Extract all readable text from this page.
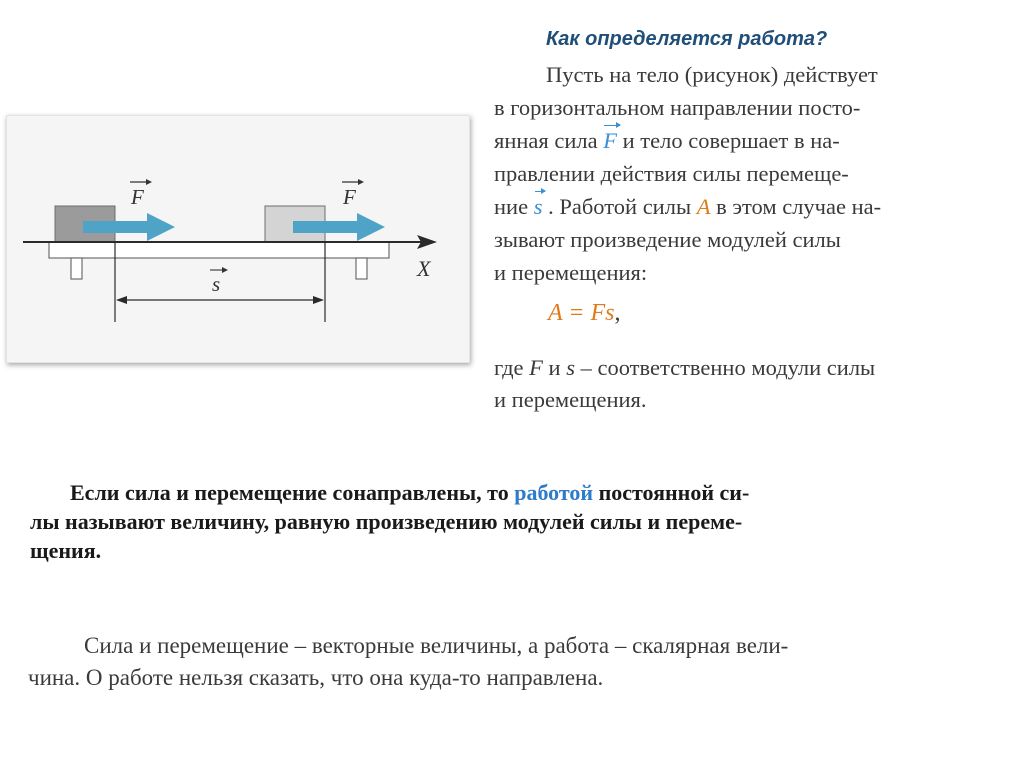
Как определяется работа?
Пусть на тело (рисунок) действует
в горизонтальном направлении посто-
янная сила F и тело совершает в на-
правлении действия силы перемеще-
ние s . Работой силы A в этом случае на-
зывают произведение модулей силы
и перемещения:
A = Fs,
где F и s – соответственно модули силы
и перемещения.
X
F	F
s
Если сила и перемещение сонаправлены, то работой постоянной си-
лы называют величину, равную произведению модулей силы и переме-
щения.
Сила и перемещение – векторные величины, а работа – скалярная вели-
чина. О работе нельзя сказать, что она куда-то направлена.
